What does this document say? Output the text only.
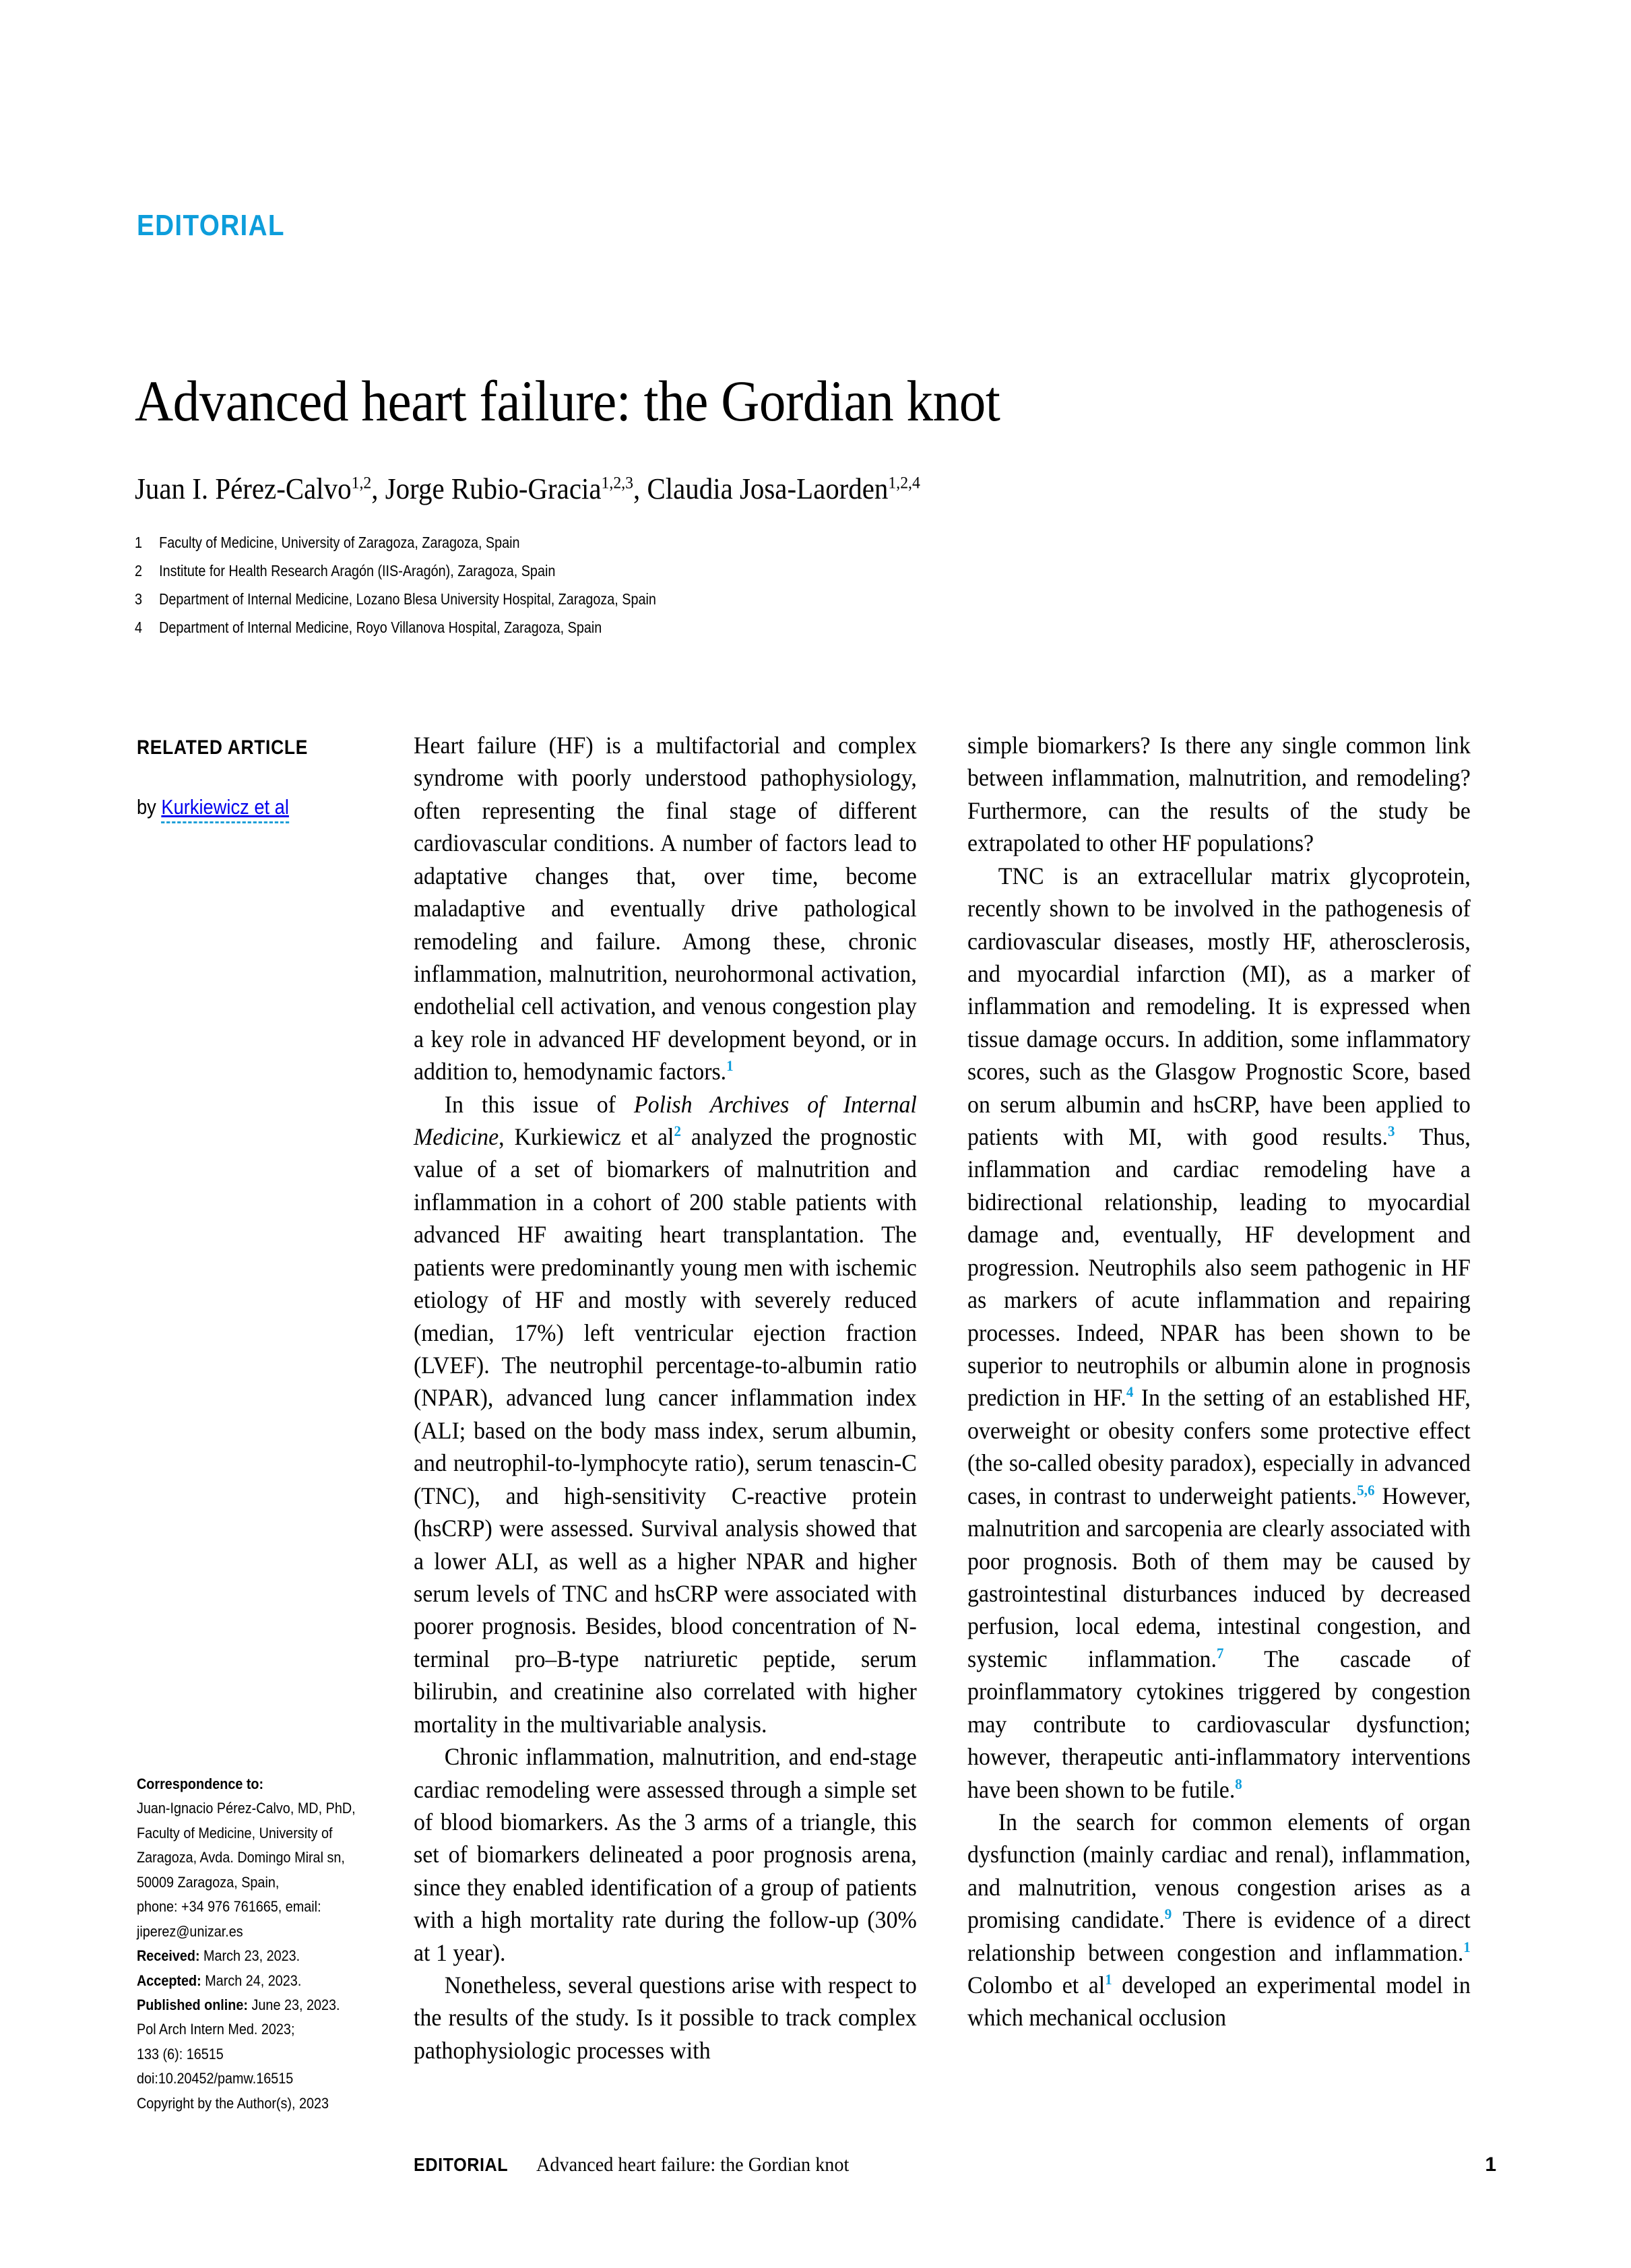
EDITORIAL
Advanced heart failure: the Gordian knot
Juan I. Pérez-Calvo$^{1,2}$, Jorge Rubio-Gracia$^{1,2,3}$, Claudia Josa-Laorden$^{1,2,4}$
1	Faculty of Medicine, University of Zaragoza, Zaragoza, Spain
2	Institute for Health Research Aragón (IIS-Aragón), Zaragoza, Spain
3	Department of Internal Medicine, Lozano Blesa University Hospital, Zaragoza, Spain
4	Department of Internal Medicine, Royo Villanova Hospital, Zaragoza, Spain
RELATED ARTICLE
by Kurkiewicz et al
Correspondence to:
Juan-Ignacio Pérez-Calvo, MD, PhD,
Faculty of Medicine, University of
Zaragoza, Avda. Domingo Miral sn,
50009 Zaragoza, Spain,
phone: +34 976 761665, email:
jiperez@unizar.es
Received: March 23, 2023.
Accepted: March 24, 2023.
Published online: June 23, 2023.
Pol Arch Intern Med. 2023;
133 (6): 16515
doi:10.20452/pamw.16515
Copyright by the Author(s), 2023

Heart failure (HF) is a multifactorial and complex syndrome with poorly understood pathophysiology, often representing the final stage of different cardiovascular conditions. A number of factors lead to adaptative changes that, over time, become maladaptive and eventually drive pathological remodeling and failure. Among these, chronic inflammation, malnutrition, neurohormonal activation, endothelial cell activation, and venous congestion play a key role in advanced HF development beyond, or in addition to, hemodynamic factors.$^1$

In this issue of Polish Archives of Internal Medicine, Kurkiewicz et $al^2$ analyzed the prognostic value of a set of biomarkers of malnutrition and inflammation in a cohort of 200 stable patients with advanced HF awaiting heart transplantation. The patients were predominantly young men with ischemic etiology of HF and mostly with severely reduced (median, 17%) left ventricular ejection fraction (LVEF). The neutrophil percentage-to-albumin ratio (NPAR), advanced lung cancer inflammation index (ALI; based on the body mass index, serum albumin, and neutrophil-to-lymphocyte ratio), serum tenascin-C (TNC), and high-sensitivity C-reactive protein (hsCRP) were assessed. Survival analysis showed that a lower ALI, as well as a higher NPAR and higher serum levels of TNC and hsCRP were associated with poorer prognosis. Besides, blood concentration of N-terminal pro–B-type natriuretic peptide, serum bilirubin, and creatinine also correlated with higher mortality in the multivariable analysis.

Chronic inflammation, malnutrition, and end-stage cardiac remodeling were assessed through a simple set of blood biomarkers. As the 3 arms of a triangle, this set of biomarkers delineated a poor prognosis arena, since they enabled identification of a group of patients with a high mortality rate during the follow-up (30% at 1 year).

Nonetheless, several questions arise with respect to the results of the study. Is it possible to track complex pathophysiologic processes with

simple biomarkers? Is there any single common link between inflammation, malnutrition, and remodeling? Furthermore, can the results of the study be extrapolated to other HF populations?

TNC is an extracellular matrix glycoprotein, recently shown to be involved in the pathogenesis of cardiovascular diseases, mostly HF, atherosclerosis, and myocardial infarction (MI), as a marker of inflammation and remodeling. It is expressed when tissue damage occurs. In addition, some inflammatory scores, such as the Glasgow Prognostic Score, based on serum albumin and hsCRP, have been applied to patients with MI, with good results.$^3$ Thus, inflammation and cardiac remodeling have a bidirectional relationship, leading to myocardial damage and, eventually, HF development and progression. Neutrophils also seem pathogenic in HF as markers of acute inflammation and repairing processes. Indeed, NPAR has been shown to be superior to neutrophils or albumin alone in prognosis prediction in HF.$^4$ In the setting of an established HF, overweight or obesity confers some protective effect (the so-called obesity paradox), especially in advanced cases, in contrast to underweight patients.$^{5,6}$ However, malnutrition and sarcopenia are clearly associated with poor prognosis. Both of them may be caused by gastrointestinal disturbances induced by decreased perfusion, local edema, intestinal congestion, and systemic inflammation.$^7$ The cascade of proinflammatory cytokines triggered by congestion may contribute to cardiovascular dysfunction; however, therapeutic anti-inflammatory interventions have been shown to be futile.$^8$

In the search for common elements of organ dysfunction (mainly cardiac and renal), inflammation, and malnutrition, venous congestion arises as a promising candidate.$^9$ There is evidence of a direct relationship between congestion and inflammation.$^1$ Colombo et $al^1$ developed an experimental model in which mechanical occlusion

EDITORIAL Advanced heart failure: the Gordian knot	1
